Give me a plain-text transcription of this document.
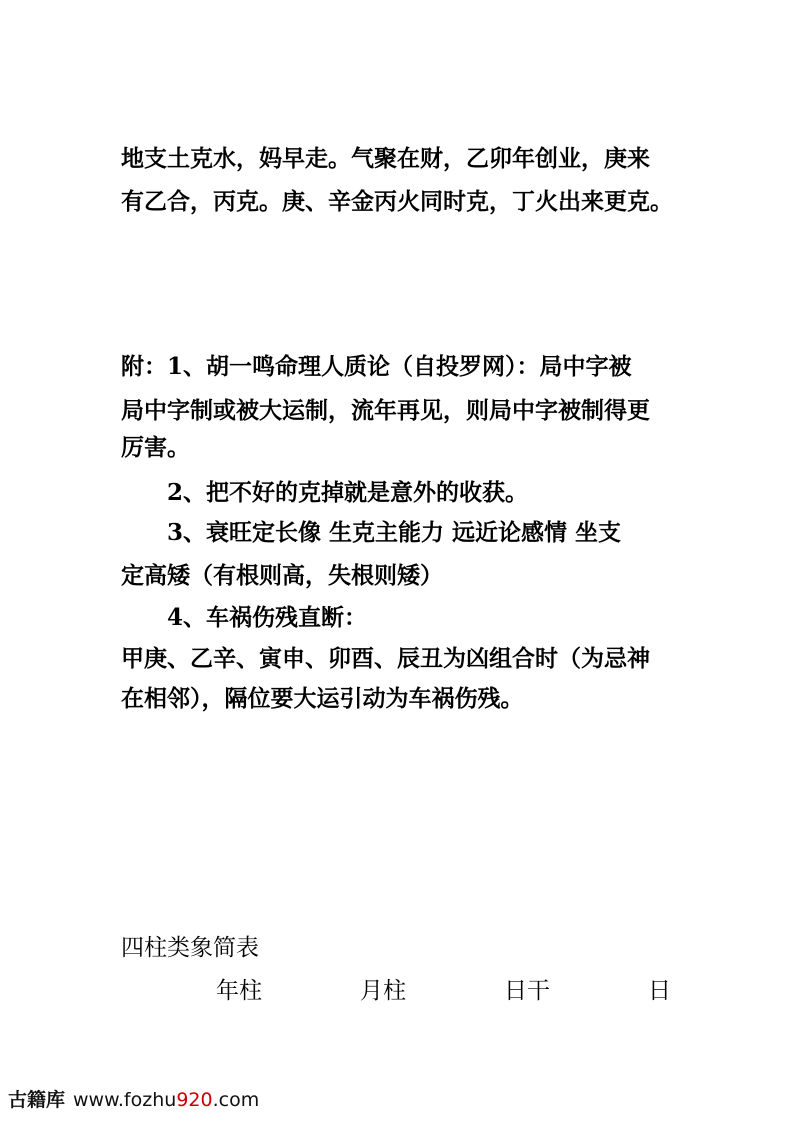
地支土克水，妈早走。气聚在财，乙卯年创业，庚来
有乙合，丙克。庚、辛金丙火同时克，丁火出来更克。
附：1、胡一鸣命理人质论（自投罗网）：局中字被
局中字制或被大运制，流年再见，则局中字被制得更
厉害。
2、把不好的克掉就是意外的收获。
3、衰旺定长像 生克主能力 远近论感情 坐支
定高矮（有根则高，失根则矮）
4、车祸伤残直断：
甲庚、乙辛、寅申、卯酉、辰丑为凶组合时（为忌神
在相邻），隔位要大运引动为车祸伤残。
四柱类象简表
年柱	月柱	日干	日
古籍库 www.fozhu920.com
